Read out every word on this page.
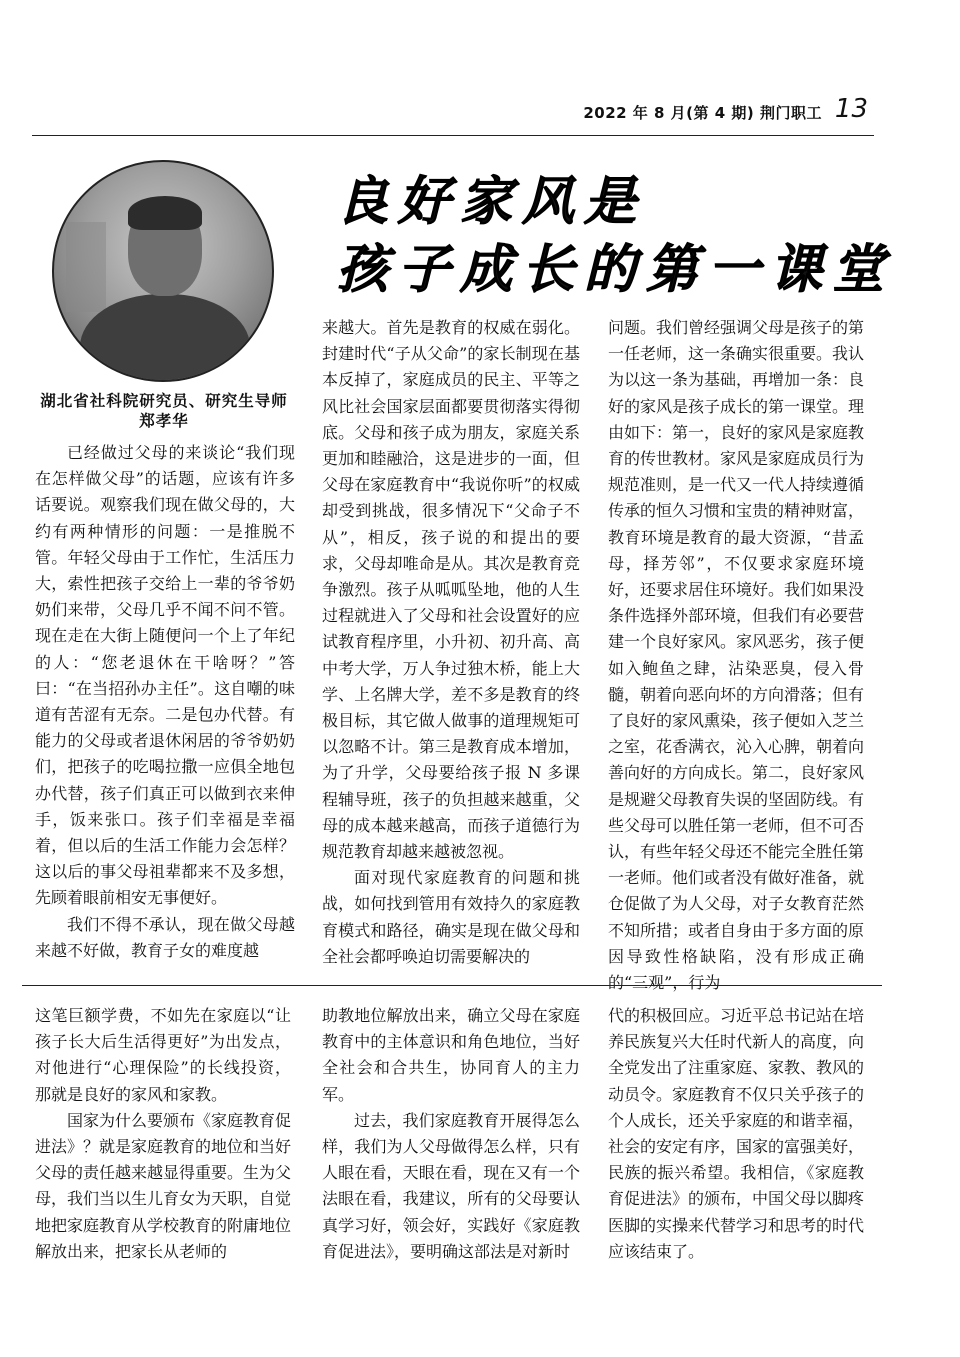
2022 年 8 月(第 4 期) 荆门职工 13
湖北省社科院研究员、研究生导师
郑孝华
良好家风是
孩子成长的第一课堂

已经做过父母的来谈论“我们现在怎样做父母”的话题，应该有许多话要说。观察我们现在做父母的，大约有两种情形的问题：一是推脱不管。年轻父母由于工作忙，生活压力大，索性把孩子交给上一辈的爷爷奶奶们来带，父母几乎不闻不问不管。现在走在大街上随便问一个上了年纪的人：“您老退休在干啥呀？”答曰：“在当招孙办主任”。这自嘲的味道有苦涩有无奈。二是包办代替。有能力的父母或者退休闲居的爷爷奶奶们，把孩子的吃喝拉撒一应俱全地包办代替，孩子们真正可以做到衣来伸手，饭来张口。孩子们幸福是幸福着，但以后的生活工作能力会怎样？这以后的事父母祖辈都来不及多想，先顾着眼前相安无事便好。

我们不得不承认，现在做父母越来越不好做，教育子女的难度越

来越大。首先是教育的权威在弱化。封建时代“子从父命”的家长制现在基本反掉了，家庭成员的民主、平等之风比社会国家层面都要贯彻落实得彻底。父母和孩子成为朋友，家庭关系更加和睦融洽，这是进步的一面，但父母在家庭教育中“我说你听”的权威却受到挑战，很多情况下“父命子不从”，相反，孩子说的和提出的要求，父母却唯命是从。其次是教育竞争激烈。孩子从呱呱坠地，他的人生过程就进入了父母和社会设置好的应试教育程序里，小升初、初升高、高中考大学，万人争过独木桥，能上大学、上名牌大学，差不多是教育的终极目标，其它做人做事的道理规矩可以忽略不计。第三是教育成本增加，为了升学，父母要给孩子报 N 多课程辅导班，孩子的负担越来越重，父母的成本越来越高，而孩子道德行为规范教育却越来越被忽视。

面对现代家庭教育的问题和挑战，如何找到管用有效持久的家庭教育模式和路径，确实是现在做父母和全社会都呼唤迫切需要解决的

问题。我们曾经强调父母是孩子的第一任老师，这一条确实很重要。我认为以这一条为基础，再增加一条：良好的家风是孩子成长的第一课堂。理由如下：第一，良好的家风是家庭教育的传世教材。家风是家庭成员行为规范准则，是一代又一代人持续遵循传承的恒久习惯和宝贵的精神财富，教育环境是教育的最大资源，“昔孟母，择芳邻”，不仅要求家庭环境好，还要求居住环境好。我们如果没条件选择外部环境，但我们有必要营建一个良好家风。家风恶劣，孩子便如入鲍鱼之肆，沾染恶臭，侵入骨髓，朝着向恶向坏的方向滑落；但有了良好的家风熏染，孩子便如入芝兰之室，花香满衣，沁入心脾，朝着向善向好的方向成长。第二，良好家风是规避父母教育失误的坚固防线。有些父母可以胜任第一老师，但不可否认，有些年轻父母还不能完全胜任第一老师。他们或者没有做好准备，就仓促做了为人父母，对子女教育茫然不知所措；或者自身由于多方面的原因导致性格缺陷，没有形成正确的“三观”，行为

这笔巨额学费，不如先在家庭以“让孩子长大后生活得更好”为出发点，对他进行“心理保险”的长线投资，那就是良好的家风和家教。

国家为什么要颁布《家庭教育促进法》？就是家庭教育的地位和当好父母的责任越来越显得重要。生为父母，我们当以生儿育女为天职，自觉地把家庭教育从学校教育的附庸地位解放出来，把家长从老师的

助教地位解放出来，确立父母在家庭教育中的主体意识和角色地位，当好全社会和合共生，协同育人的主力军。

过去，我们家庭教育开展得怎么样，我们为人父母做得怎么样，只有人眼在看，天眼在看，现在又有一个法眼在看，我建议，所有的父母要认真学习好，领会好，实践好《家庭教育促进法》，要明确这部法是对新时

代的积极回应。习近平总书记站在培养民族复兴大任时代新人的高度，向全党发出了注重家庭、家教、教风的动员令。家庭教育不仅只关乎孩子的个人成长，还关乎家庭的和谐幸福，社会的安定有序，国家的富强美好，民族的振兴希望。我相信，《家庭教育促进法》的颁布，中国父母以脚疼医脚的实操来代替学习和思考的时代应该结束了。
